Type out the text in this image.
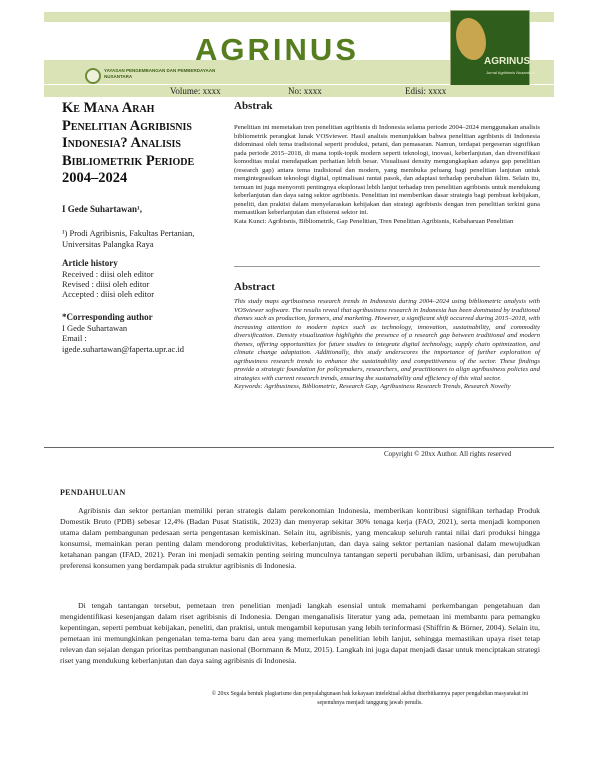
AGRINUS
YAYASAN PENGEMBANGAN DAN PEMBERDAYAAN NUSANTARA
AGRINUS
Jurnal Agribisnis Nusantara
Volume: xxxx	No: xxxx	Edisi: xxxx
Ke Mana Arah Penelitian Agribisnis Indonesia? Analisis Bibliometrik Periode 2004–2024
I Gede Suhartawan¹,
¹) Prodi Agribisnis, Fakultas Pertanian, Universitas Palangka Raya
Article history
Received : diisi oleh editor
Revised : diisi oleh editor
Accepted : diisi oleh editor
*Corresponding author
I Gede Suhartawan
Email :
igede.suhartawan@faperta.upr.ac.id
Abstrak
Penelitian ini memetakan tren penelitian agribisnis di Indonesia selama periode 2004–2024 menggunakan analisis bibliometrik perangkat lunak VOSviewer. Hasil analisis menunjukkan bahwa penelitian agribisnis di Indonesia didominasi oleh tema tradisional seperti produksi, petani, dan pemasaran. Namun, terdapat pergeseran signifikan pada periode 2015–2018, di mana topik-topik modern seperti teknologi, inovasi, keberlanjutan, dan diversifikasi komoditas mulai mendapatkan perhatian lebih besar. Visualisasi density mengungkapkan adanya gap penelitian (research gap) antara tema tradisional dan modern, yang membuka peluang bagi penelitian lanjutan untuk mengintegrasikan teknologi digital, optimalisasi rantai pasok, dan adaptasi terhadap perubahan iklim. Selain itu, temuan ini juga menyoroti pentingnya eksplorasi lebih lanjut terhadap tren penelitian agribisnis untuk mendukung keberlanjutan dan daya saing sektor agribisnis. Penelitian ini memberikan dasar strategis bagi pembuat kebijakan, peneliti, dan praktisi dalam menyelaraskan kebijakan dan strategi agribisnis dengan tren penelitian terkini guna memastikan keberlanjutan dan efisiensi sektor ini.
Kata Kunci: Agribisnis, Bibliometrik, Gap Penelitian, Tren Penelitian Agribisnis, Kebaharuan Penelitian
Abstract
This study maps agribusiness research trends in Indonesia during 2004–2024 using bibliometric analysis with VOSviewer software. The results reveal that agribusiness research in Indonesia has been dominated by traditional themes such as production, farmers, and marketing. However, a significant shift occurred during 2015–2018, with increasing attention to modern topics such as technology, innovation, sustainability, and commodity diversification. Density visualization highlights the presence of a research gap between traditional and modern themes, offering opportunities for future studies to integrate digital technology, supply chain optimization, and climate change adaptation. Additionally, this study underscores the importance of further exploration of agribusiness research trends to enhance the sustainability and competitiveness of the sector. These findings provide a strategic foundation for policymakers, researchers, and practitioners to align agribusiness policies and strategies with current research trends, ensuring the sustainability and efficiency of this vital sector.
Keywords: Agribusiness, Bibliometric, Research Gap, Agribusiness Research Trends, Research Novelty
Copyright © 20xx Author. All rights reserved
PENDAHULUAN
Agribisnis dan sektor pertanian memiliki peran strategis dalam perekonomian Indonesia, memberikan kontribusi signifikan terhadap Produk Domestik Bruto (PDB) sebesar 12,4% (Badan Pusat Statistik, 2023) dan menyerap sekitar 30% tenaga kerja (FAO, 2021), serta menjadi komponen utama dalam pembangunan pedesaan serta pengentasan kemiskinan. Selain itu, agribisnis, yang mencakup seluruh rantai nilai dari produksi hingga konsumsi, memainkan peran penting dalam mendorong produktivitas, keberlanjutan, dan daya saing sektor pertanian nasional dalam mewujudkan ketahanan pangan (IFAD, 2021). Peran ini menjadi semakin penting seiring munculnya tantangan seperti perubahan iklim, urbanisasi, dan perubahan preferensi konsumen yang berdampak pada struktur agribisnis di Indonesia.
Di tengah tantangan tersebut, pemetaan tren penelitian menjadi langkah esensial untuk memahami perkembangan pengetahuan dan mengidentifikasi kesenjangan dalam riset agribisnis di Indonesia. Dengan menganalisis literatur yang ada, pemetaan ini membantu para pemangku kepentingan, seperti pembuat kebijakan, peneliti, dan praktisi, untuk mengambil keputusan yang lebih terinformasi (Shiffrin & Börner, 2004). Selain itu, pemetaan ini memungkinkan pengenalan tema-tema baru dan area yang memerlukan penelitian lebih lanjut, sehingga memastikan upaya riset tetap relevan dan sejalan dengan prioritas pembangunan nasional (Bornmann & Mutz, 2015). Langkah ini juga dapat menjadi dasar untuk menciptakan strategi riset yang mendukung keberlanjutan dan daya saing agribisnis di Indonesia.
© 20xx Segala bentuk plagiarisme dan penyalahgunaan hak kekayaan intelektual akibat diterbitkannya paper pengabdian masyarakat ini sepenuhnya menjadi tanggung jawab penulis.
